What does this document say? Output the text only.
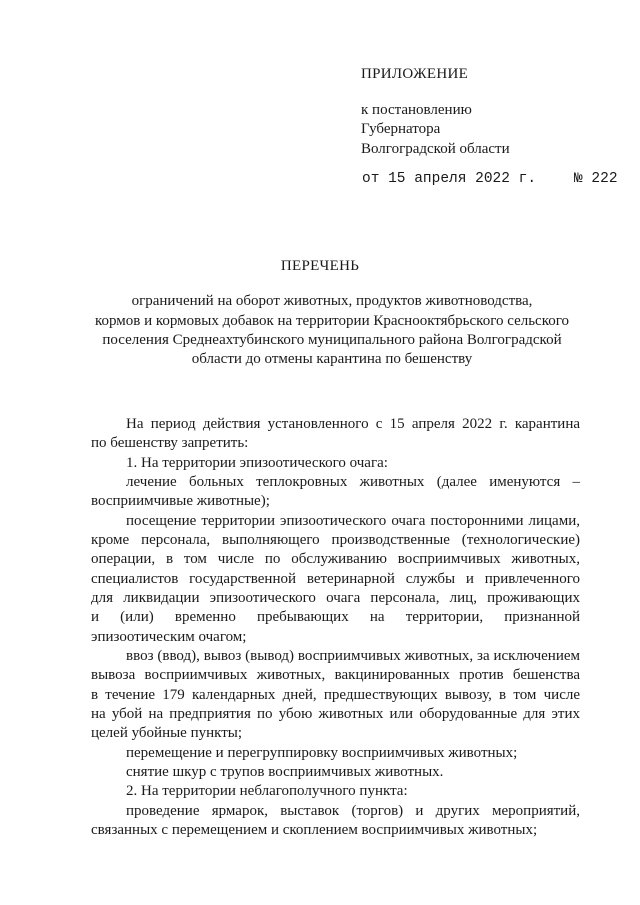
ПРИЛОЖЕНИЕ
к постановлению
Губернатора
Волгоградской области
от 15 апреля 2022 г.	№ 222
ПЕРЕЧЕНЬ
ограничений на оборот животных, продуктов животноводства,
кормов и кормовых добавок на территории Краснооктябрьского сельского
поселения Среднеахтубинского муниципального района Волгоградской
области до отмены карантина по бешенству
На период действия установленного с 15 апреля 2022 г. карантина
по бешенству запретить:
1. На территории эпизоотического очага:
лечение больных теплокровных животных (далее именуются –
восприимчивые животные);
посещение территории эпизоотического очага посторонними лицами,
кроме персонала, выполняющего производственные (технологические)
операции, в том числе по обслуживанию восприимчивых животных,
специалистов государственной ветеринарной службы и привлеченного
для ликвидации эпизоотического очага персонала, лиц, проживающих
и (или) временно пребывающих на территории, признанной
эпизоотическим очагом;
ввоз (ввод), вывоз (вывод) восприимчивых животных, за исключением
вывоза восприимчивых животных, вакцинированных против бешенства
в течение 179 календарных дней, предшествующих вывозу, в том числе
на убой на предприятия по убою животных или оборудованные для этих
целей убойные пункты;
перемещение и перегруппировку восприимчивых животных;
снятие шкур с трупов восприимчивых животных.
2. На территории неблагополучного пункта:
проведение ярмарок, выставок (торгов) и других мероприятий,
связанных с перемещением и скоплением восприимчивых животных;
